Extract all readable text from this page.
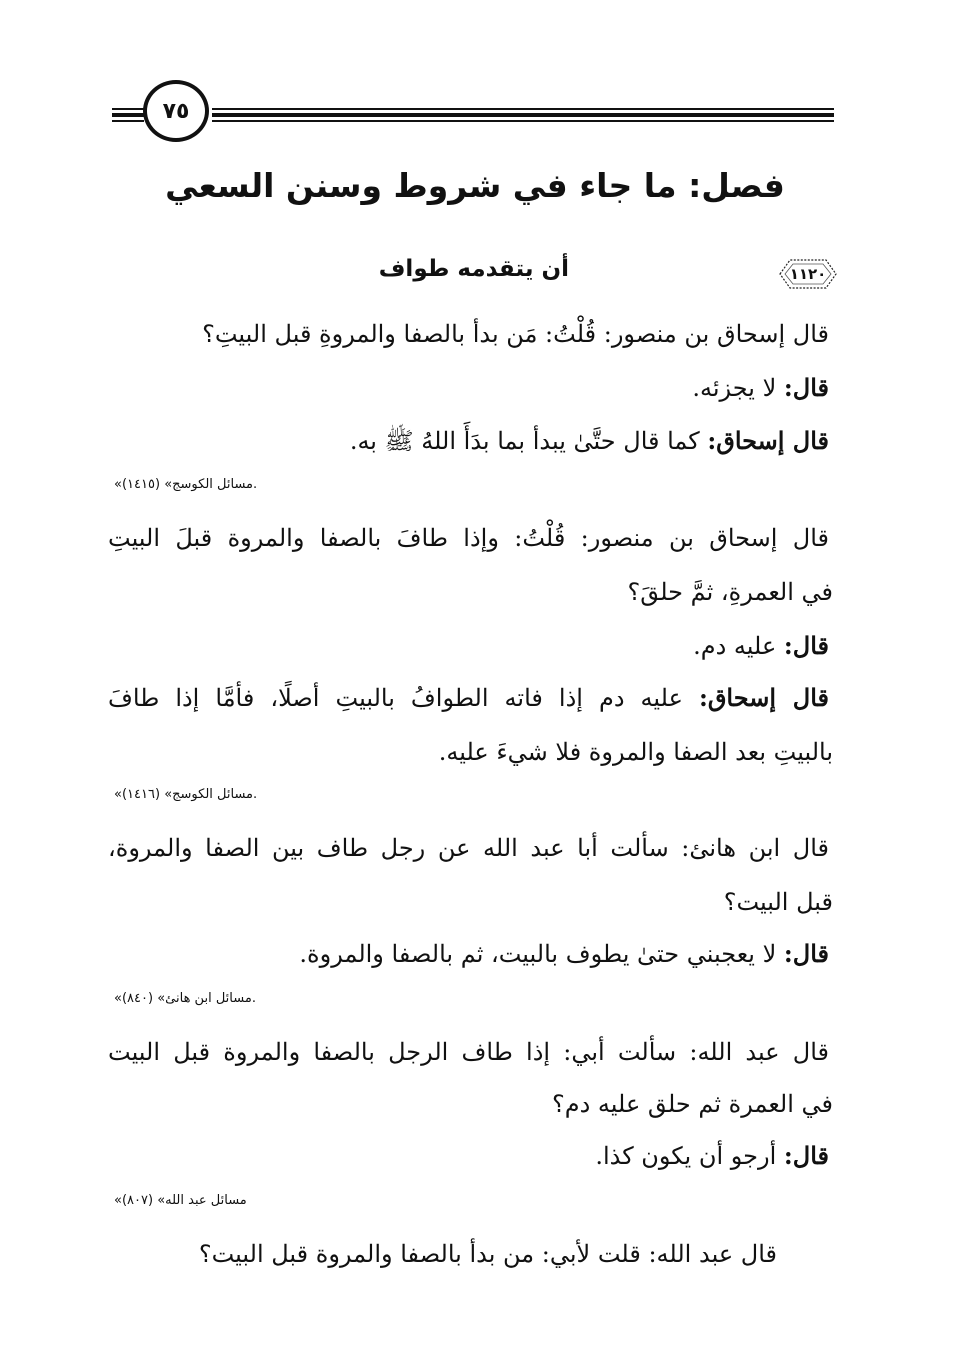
٧٥
فصل: ما جاء في شروط وسنن السعي
١١٢٠
أن يتقدمه طواف
قال إسحاق بن منصور: قُلْتُ: مَن بدأ بالصفا والمروةِ قبل البيتِ؟
قال: لا يجزئه.
قال إسحاق: كما قال حتَّىٰ يبدأ بما بدَأَ اللهُ ﷺ به.
«مسائل الكوسج» (١٤١٥).
قال إسحاق بن منصور: قُلْتُ: وإذا طافَ بالصفا والمروة قبلَ البيتِ
في العمرةِ، ثمَّ حلقَ؟
قال: عليه دم.
قال إسحاق: عليه دم إذا فاته الطوافُ بالبيتِ أصلًا، فأمَّا إذا طافَ
بالبيتِ بعد الصفا والمروة فلا شيءَ عليه.
«مسائل الكوسج» (١٤١٦).
قال ابن هانئ: سألت أبا عبد الله عن رجل طاف بين الصفا والمروة،
قبل البيت؟
قال: لا يعجبني حتىٰ يطوف بالبيت، ثم بالصفا والمروة.
«مسائل ابن هانئ» (٨٤٠).
قال عبد الله: سألت أبي: إذا طاف الرجل بالصفا والمروة قبل البيت
في العمرة ثم حلق عليه دم؟
قال: أرجو أن يكون كذا.
«مسائل عبد الله» (٨٠٧)
قال عبد الله: قلت لأبي: من بدأ بالصفا والمروة قبل البيت؟
